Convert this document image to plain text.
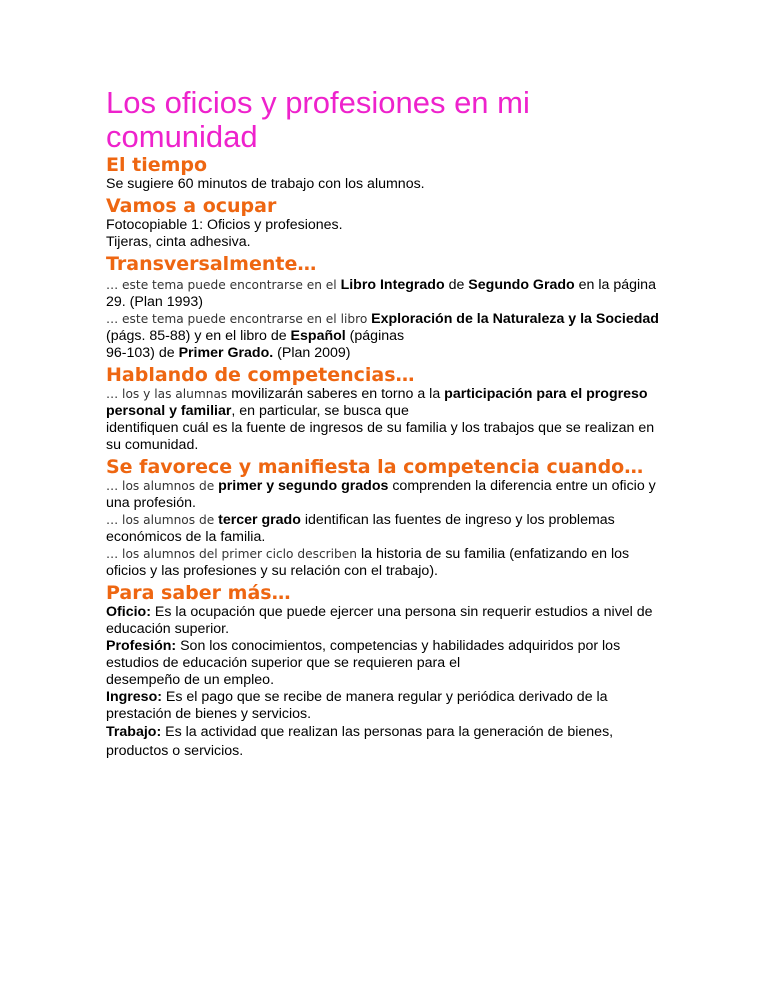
Los oficios y profesiones en mi comunidad
El tiempo

Se sugiere 60 minutos de trabajo con los alumnos.

Vamos a ocupar

Fotocopiable 1: Oficios y profesiones.

Tijeras, cinta adhesiva.

Transversalmente…

… este tema puede encontrarse en el Libro Integrado de Segundo Grado en la página 29. (Plan 1993)

… este tema puede encontrarse en el libro Exploración de la Naturaleza y la Sociedad (págs. 85-88) y en el libro de Español (páginas
96-103) de Primer Grado. (Plan 2009)

Hablando de competencias…

… los y las alumnas movilizarán saberes en torno a la participación para el progreso personal y familiar, en particular, se busca que
identifiquen cuál es la fuente de ingresos de su familia y los trabajos que se realizan en su comunidad.

Se favorece y manifiesta la competencia cuando…

… los alumnos de primer y segundo grados comprenden la diferencia entre un oficio y una profesión.

… los alumnos de tercer grado identifican las fuentes de ingreso y los problemas económicos de la familia.

… los alumnos del primer ciclo describen la historia de su familia (enfatizando en los oficios y las profesiones y su relación con el trabajo).

Para saber más…

Oficio: Es la ocupación que puede ejercer una persona sin requerir estudios a nivel de educación superior.

Profesión: Son los conocimientos, competencias y habilidades adquiridos por los estudios de educación superior que se requieren para el
desempeño de un empleo.

Ingreso: Es el pago que se recibe de manera regular y periódica derivado de la prestación de bienes y servicios.

Trabajo: Es la actividad que realizan las personas para la generación de bienes, productos o servicios.
